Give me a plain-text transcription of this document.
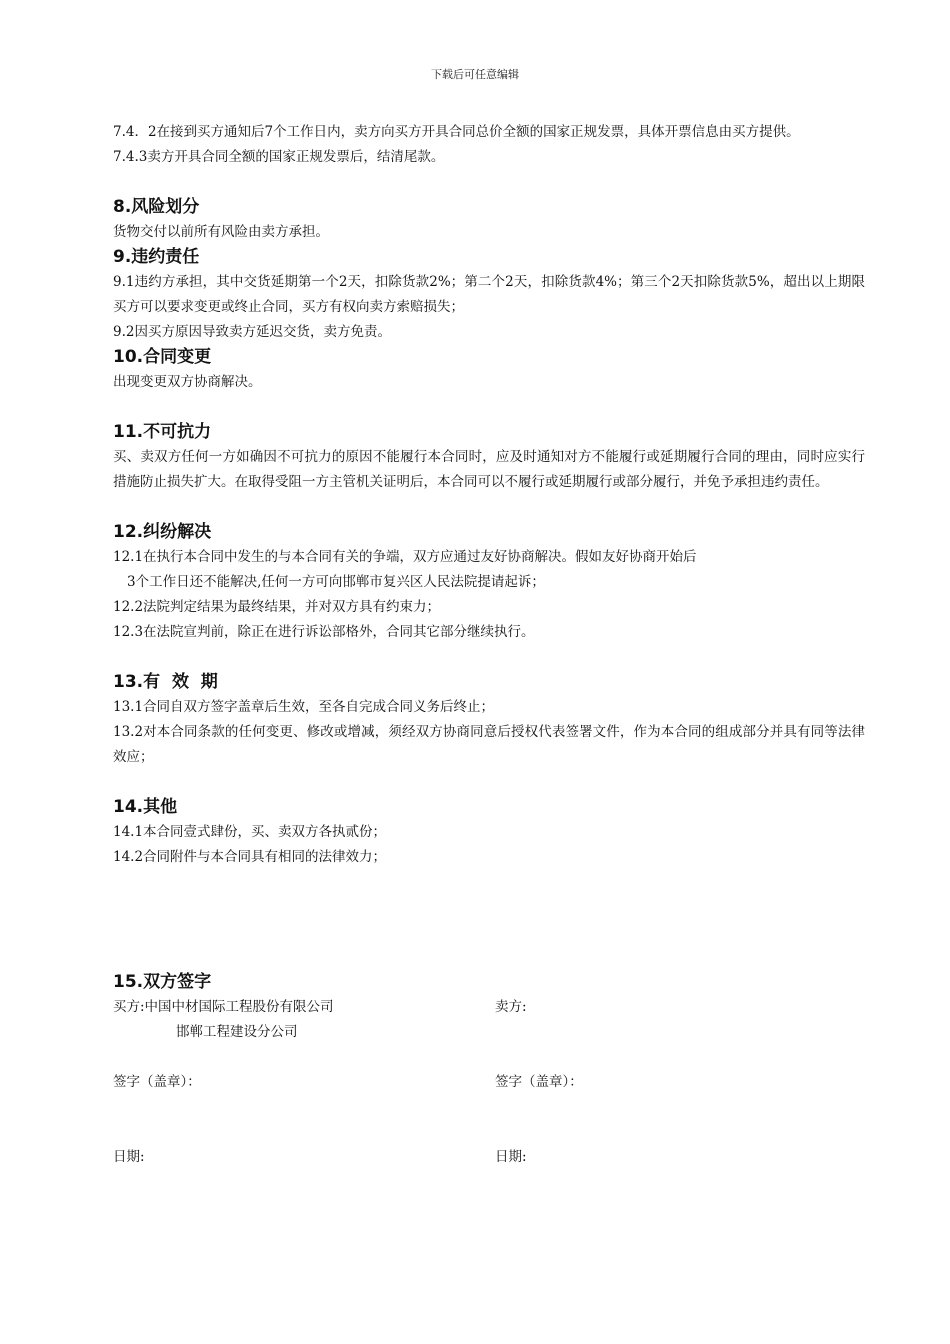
下载后可任意编辑

7.4．2在接到买方通知后7个工作日内，卖方向买方开具合同总价全额的国家正规发票，具体开票信息由买方提供。

7.4.3卖方开具合同全额的国家正规发票后，结清尾款。

8.风险划分

货物交付以前所有风险由卖方承担。

9.违约责任

9.1违约方承担，其中交货延期第一个2天，扣除货款2%；第二个2天，扣除货款4%；第三个2天扣除货款5%，超出以上期限买方可以要求变更或终止合同，买方有权向卖方索赔损失；

9.2因买方原因导致卖方延迟交货，卖方免责。

10.合同变更

出现变更双方协商解决。

11.不可抗力

买、卖双方任何一方如确因不可抗力的原因不能履行本合同时，应及时通知对方不能履行或延期履行合同的理由，同时应实行措施防止损失扩大。在取得受阻一方主管机关证明后，本合同可以不履行或延期履行或部分履行，并免予承担违约责任。

12.纠纷解决

12.1在执行本合同中发生的与本合同有关的争端，双方应通过友好协商解决。假如友好协商开始后

3个工作日还不能解决,任何一方可向邯郸市复兴区人民法院提请起诉；

12.2法院判定结果为最终结果，并对双方具有约束力；

12.3在法院宣判前，除正在进行诉讼部格外，合同其它部分继续执行。

13.有  效  期

13.1合同自双方签字盖章后生效，至各自完成合同义务后终止；

13.2对本合同条款的任何变更、修改或增减，须经双方协商同意后授权代表签署文件，作为本合同的组成部分并具有同等法律效应；

14.其他

14.1本合同壹式肆份，买、卖双方各执贰份；

14.2合同附件与本合同具有相同的法律效力；

15.双方签字
买方:中国中材国际工程股份有限公司
邯郸工程建设分公司
卖方:
签字（盖章）：	签字（盖章）：
日期:	日期:
